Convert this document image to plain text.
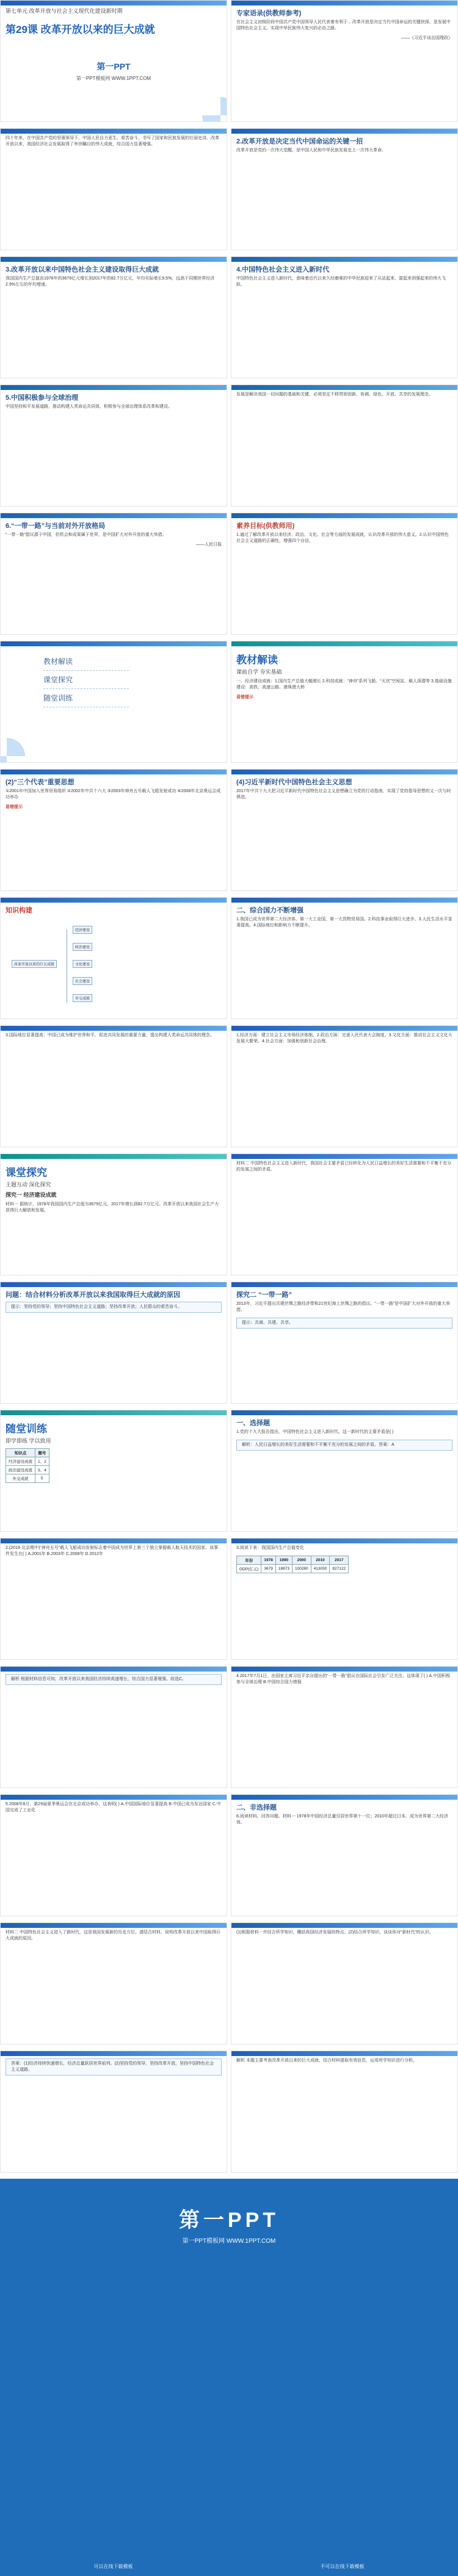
第七单元 改革开放与社会主义现代化建设新时期
第29课 改革开放以来的巨大成就
第一PPT
第一PPT模板网 WWW.1PPT.COM
专家语录(供教师参考)
在社会主义初级阶段中国共产党中国领导人民代表着有利于... 改革开放是决定当代中国命运的关键抉择，是发展中国特色社会主义、实现中华民族伟大复兴的必由之路。
——《习近平谈治国理政》
四十年来，在中国共产党的坚强领导下，中国人民自力更生、艰苦奋斗，书写了国家和民族发展的壮丽史诗。改革开放以来，我国经济社会发展取得了举世瞩目的伟大成就，综合国力显著增强。	2.改革开放是决定当代中国命运的关键一招
改革开放是党的一次伟大觉醒，是中国人民和中华民族发展史上一次伟大革命。
3.改革开放以来中国特色社会主义建设取得巨大成就
我国国内生产总值由1978年的3679亿元增长到2017年的82.7万亿元，年均实际增长9.5%，远高于同期世界经济2.9%左右的年均增速。
4.中国特色社会主义进入新时代
中国特色社会主义进入新时代，意味着近代以来久经磨难的中华民族迎来了从站起来、富起来到强起来的伟大飞跃。
5.中国积极参与全球治理
中国坚持和平发展道路，推动构建人类命运共同体，积极参与全球治理体系改革和建设。
发展是解决我国一切问题的基础和关键，必须坚定不移贯彻创新、协调、绿色、开放、共享的发展理念。
6.“一带一路”与当前对外开放格局
“一带一路”倡议源于中国，但机会和成果属于世界，是中国扩大对外开放的重大举措。
——人民日报
素养目标(供教师用)
1.通过了解改革开放以来经济、政治、文化、社会等方面的发展成就，认识改革开放的伟大意义。2.认识中国特色社会主义道路的正确性，增强四个自信。
教材解读
课堂探究
随堂训练
教材解读
课前自学 夯实基础
一、经济建设成就：1.国内生产总值大幅增长 2.科技成就：“神舟”系列飞船、“天宫”空间站、载人深潜等 3.基础设施建设：高铁、高速公路、港珠澳大桥
易错提示
(2)“三个代表”重要思想
①2001年中国加入世界贸易组织 ②2002年中共十六大 ③2003年神舟五号载人飞船发射成功 ④2008年北京奥运会成功举办
易错提示
(4)习近平新时代中国特色社会主义思想
2017年中共十九大把习近平新时代中国特色社会主义思想确立为党的行动指南，实现了党的指导思想的又一次与时俱进。
知识构建
改革开放以来的巨大成就
经济建设
政治建设
文化建设
社会建设
外交成就
二、综合国力不断增强
1.我国已成为世界第二大经济体、第一大工业国、第一大货物贸易国。2.科技事业取得巨大进步。3.人民生活水平显著提高。4.国际地位和影响力不断提升。
3.国际地位显著提高：中国已成为维护世界和平、促进共同发展的重要力量，提出构建人类命运共同体的理念。	1.经济方面：建立社会主义市场经济体制。2.政治方面：完善人民代表大会制度。3.文化方面：推动社会主义文化大发展大繁荣。4.社会方面：加强和创新社会治理。
课堂探究
主题互动 深化探究
探究一 经济建设成就
材料一 据统计，1978年我国国内生产总值为3679亿元，2017年增长到82.7万亿元。改革开放以来我国社会生产力获得巨大解放和发展。
材料二 中国特色社会主义进入新时代，我国社会主要矛盾已经转化为人民日益增长的美好生活需要和不平衡不充分的发展之间的矛盾。
问题：结合材料分析改革开放以来我国取得巨大成就的原因
提示：坚持党的领导；坚持中国特色社会主义道路；坚持改革开放；人民群众的艰苦奋斗。
探究二 “一带一路”
2013年，习近平提出共建丝绸之路经济带和21世纪海上丝绸之路的倡议。“一带一路”是中国扩大对外开放的重大举措。
提示：共商、共建、共享。
随堂训练
即学即练 学以致用
知识点	题号
经济建设成就	1、2
政治建设成就	3、4
外交成就	5
一、选择题
1.党的十九大报告指出，中国特色社会主义进入新时代。这一新时代的主要矛盾是( )
解析：人民日益增长的美好生活需要和不平衡不充分的发展之间的矛盾。答案：A
2.(2019·北京期中)“神舟五号”载人飞船成功发射标志着中国成为世界上第三个独立掌握载人航天技术的国家。该事件发生在( ) A.2001年 B.2003年 C.2008年 D.2012年
3.阅读下表：我国国内生产总值变化
年份	1978	1990	2000	2010	2017
GDP(亿元)	3679	18873	100280	413030	827122
解析 根据材料信息可知，改革开放以来我国经济持续高速增长，综合国力显著增强。故选C。
4.2017年7月1日，由国家主席习近平亲自提出的“一带一路”倡议在国际社会引发广泛关注。这体现了( ) A.中国积极参与全球治理 B.中国综合国力增强
5.2008年8月，第29届夏季奥运会在北京成功举办，这表明( ) A.中国国际地位显著提高 B.中国已成为发达国家 C.中国完成了工业化	二、非选择题
6.阅读材料，回答问题。材料一 1978年中国经济总量仅居世界第十一位；2010年超过日本，成为世界第二大经济体。
材料二 中国特色社会主义进入了新时代，这是我国发展新的历史方位。请结合材料，说明改革开放以来中国取得巨大成就的原因。
(1)根据材料一并结合所学知识，概括我国经济发展的特点。(2)结合所学知识，谈谈你对“新时代”的认识。
答案：(1)经济持续快速增长，经济总量跃居世界前列。(2)坚持党的领导，坚持改革开放，坚持中国特色社会主义道路。
解析 本题主要考查改革开放以来的巨大成就，结合材料提取有效信息，运用所学知识进行分析。
第一PPT
第一PPT模板网 WWW.1PPT.COM
可以在线下载模板	不可以在线下载模板
